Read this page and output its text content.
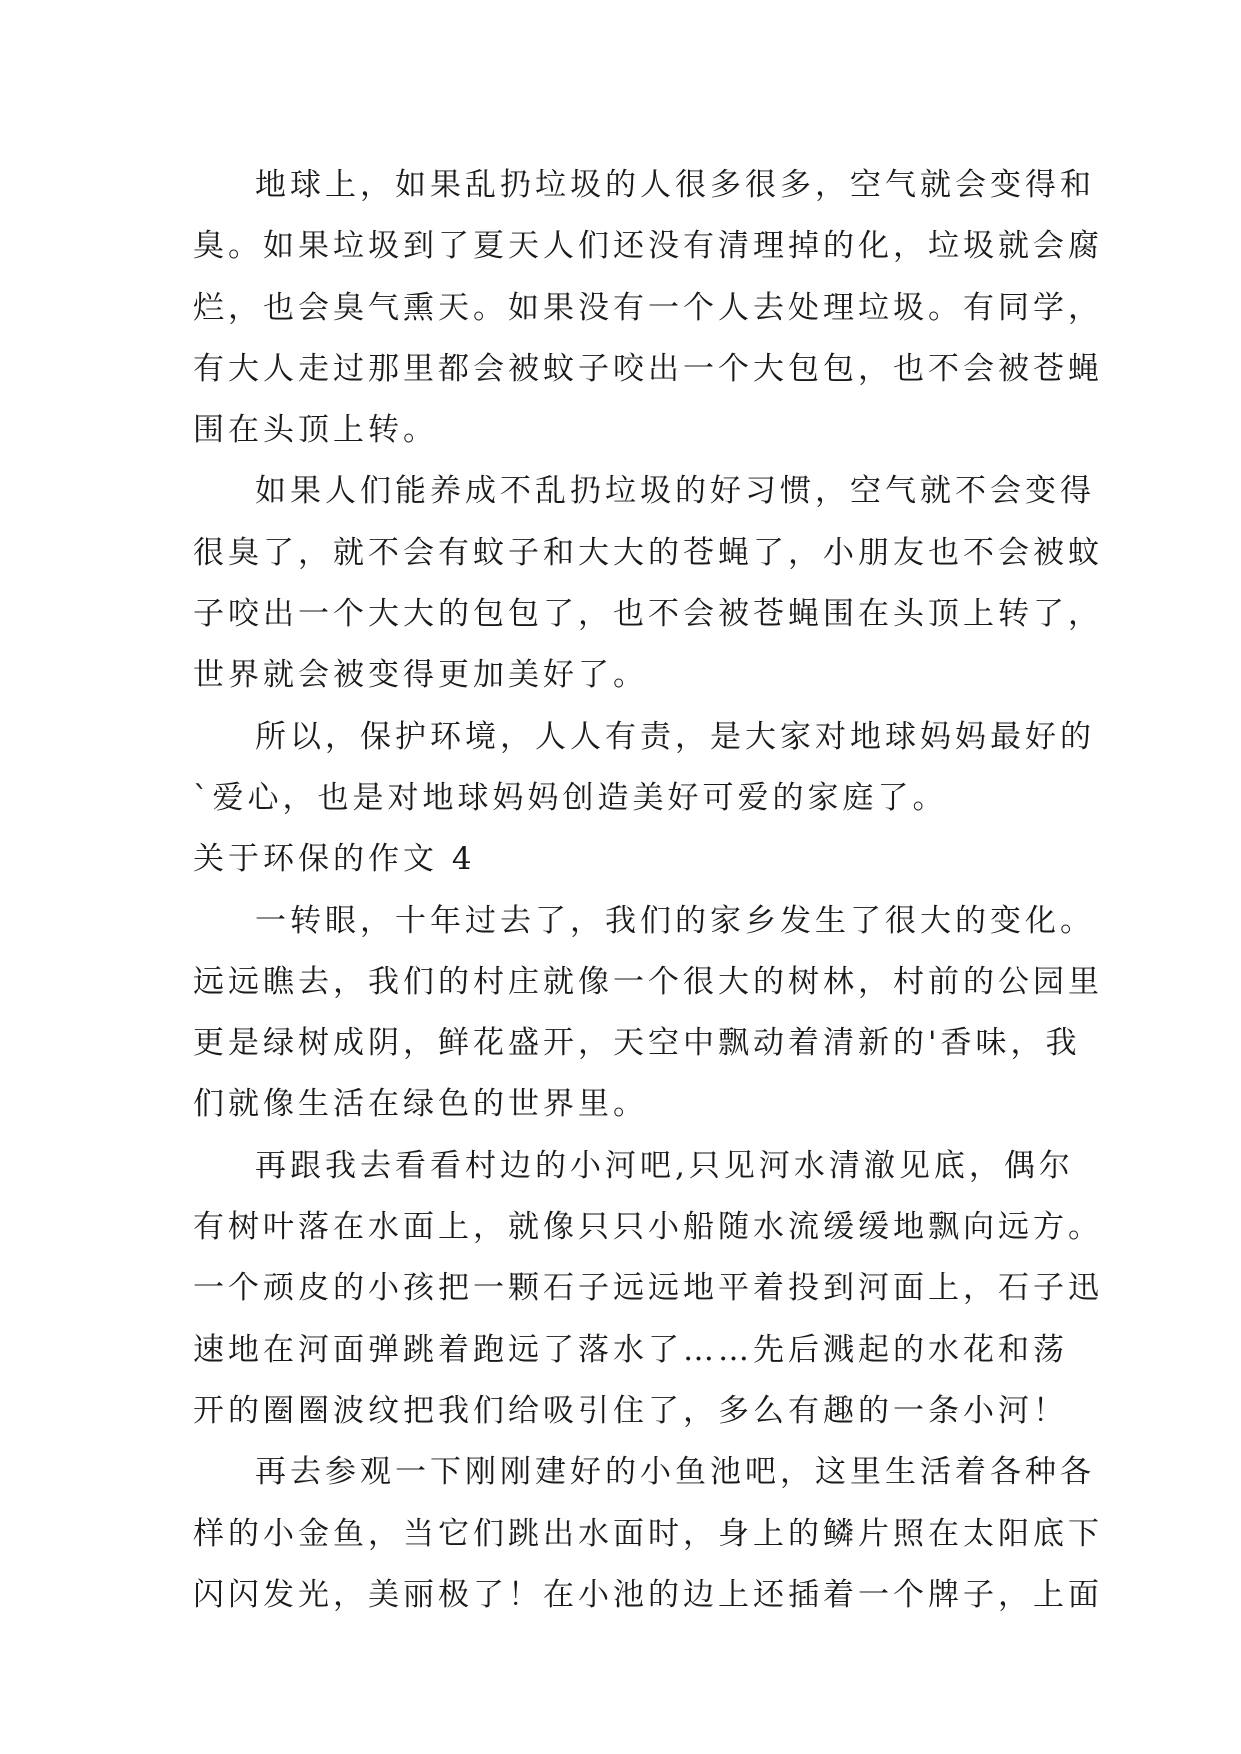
地球上，如果乱扔垃圾的人很多很多，空气就会变得和
臭。如果垃圾到了夏天人们还没有清理掉的化，垃圾就会腐
烂，也会臭气熏天。如果没有一个人去处理垃圾。有同学，
有大人走过那里都会被蚊子咬出一个大包包，也不会被苍蝇
围在头顶上转。
如果人们能养成不乱扔垃圾的好习惯，空气就不会变得
很臭了，就不会有蚊子和大大的苍蝇了，小朋友也不会被蚊
子咬出一个大大的包包了，也不会被苍蝇围在头顶上转了，
世界就会被变得更加美好了。
所以，保护环境，人人有责，是大家对地球妈妈最好的
`爱心，也是对地球妈妈创造美好可爱的家庭了。
关于环保的作文 4
一转眼，十年过去了，我们的家乡发生了很大的变化。
远远瞧去，我们的村庄就像一个很大的树林，村前的公园里
更是绿树成阴，鲜花盛开，天空中飘动着清新的'香味，我
们就像生活在绿色的世界里。
再跟我去看看村边的小河吧,只见河水清澈见底，偶尔
有树叶落在水面上，就像只只小船随水流缓缓地飘向远方。
一个顽皮的小孩把一颗石子远远地平着投到河面上，石子迅
速地在河面弹跳着跑远了落水了……先后溅起的水花和荡
开的圈圈波纹把我们给吸引住了，多么有趣的一条小河！
再去参观一下刚刚建好的小鱼池吧，这里生活着各种各
样的小金鱼，当它们跳出水面时，身上的鳞片照在太阳底下
闪闪发光，美丽极了！在小池的边上还插着一个牌子，上面
